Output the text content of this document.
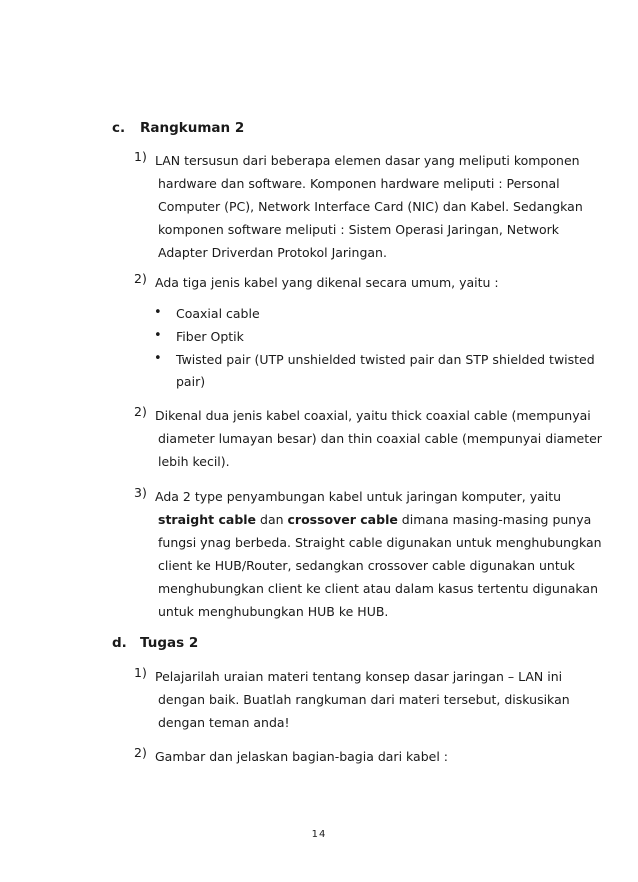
c. Rangkuman 2
1) LAN tersusun dari beberapa elemen dasar yang meliputi komponen
hardware dan software. Komponen hardware meliputi : Personal
Computer (PC), Network Interface Card (NIC) dan Kabel. Sedangkan
komponen software meliputi : Sistem Operasi Jaringan, Network
Adapter Driverdan Protokol Jaringan.
2) Ada tiga jenis kabel yang dikenal secara umum, yaitu :
• Coaxial cable
• Fiber Optik
• Twisted pair (UTP unshielded twisted pair dan STP shielded twisted
pair)
2) Dikenal dua jenis kabel coaxial, yaitu thick coaxial cable (mempunyai
diameter lumayan besar) dan thin coaxial cable (mempunyai diameter
lebih kecil).
3) Ada 2 type penyambungan kabel untuk jaringan komputer, yaitu
straight cable dan crossover cable dimana masing-masing punya
fungsi ynag berbeda. Straight cable digunakan untuk menghubungkan
client ke HUB/Router, sedangkan crossover cable digunakan untuk
menghubungkan client ke client atau dalam kasus tertentu digunakan
untuk menghubungkan HUB ke HUB.
d. Tugas 2
1) Pelajarilah uraian materi tentang konsep dasar jaringan – LAN ini
dengan baik. Buatlah rangkuman dari materi tersebut, diskusikan
dengan teman anda!
2) Gambar dan jelaskan bagian-bagia dari kabel :
14
